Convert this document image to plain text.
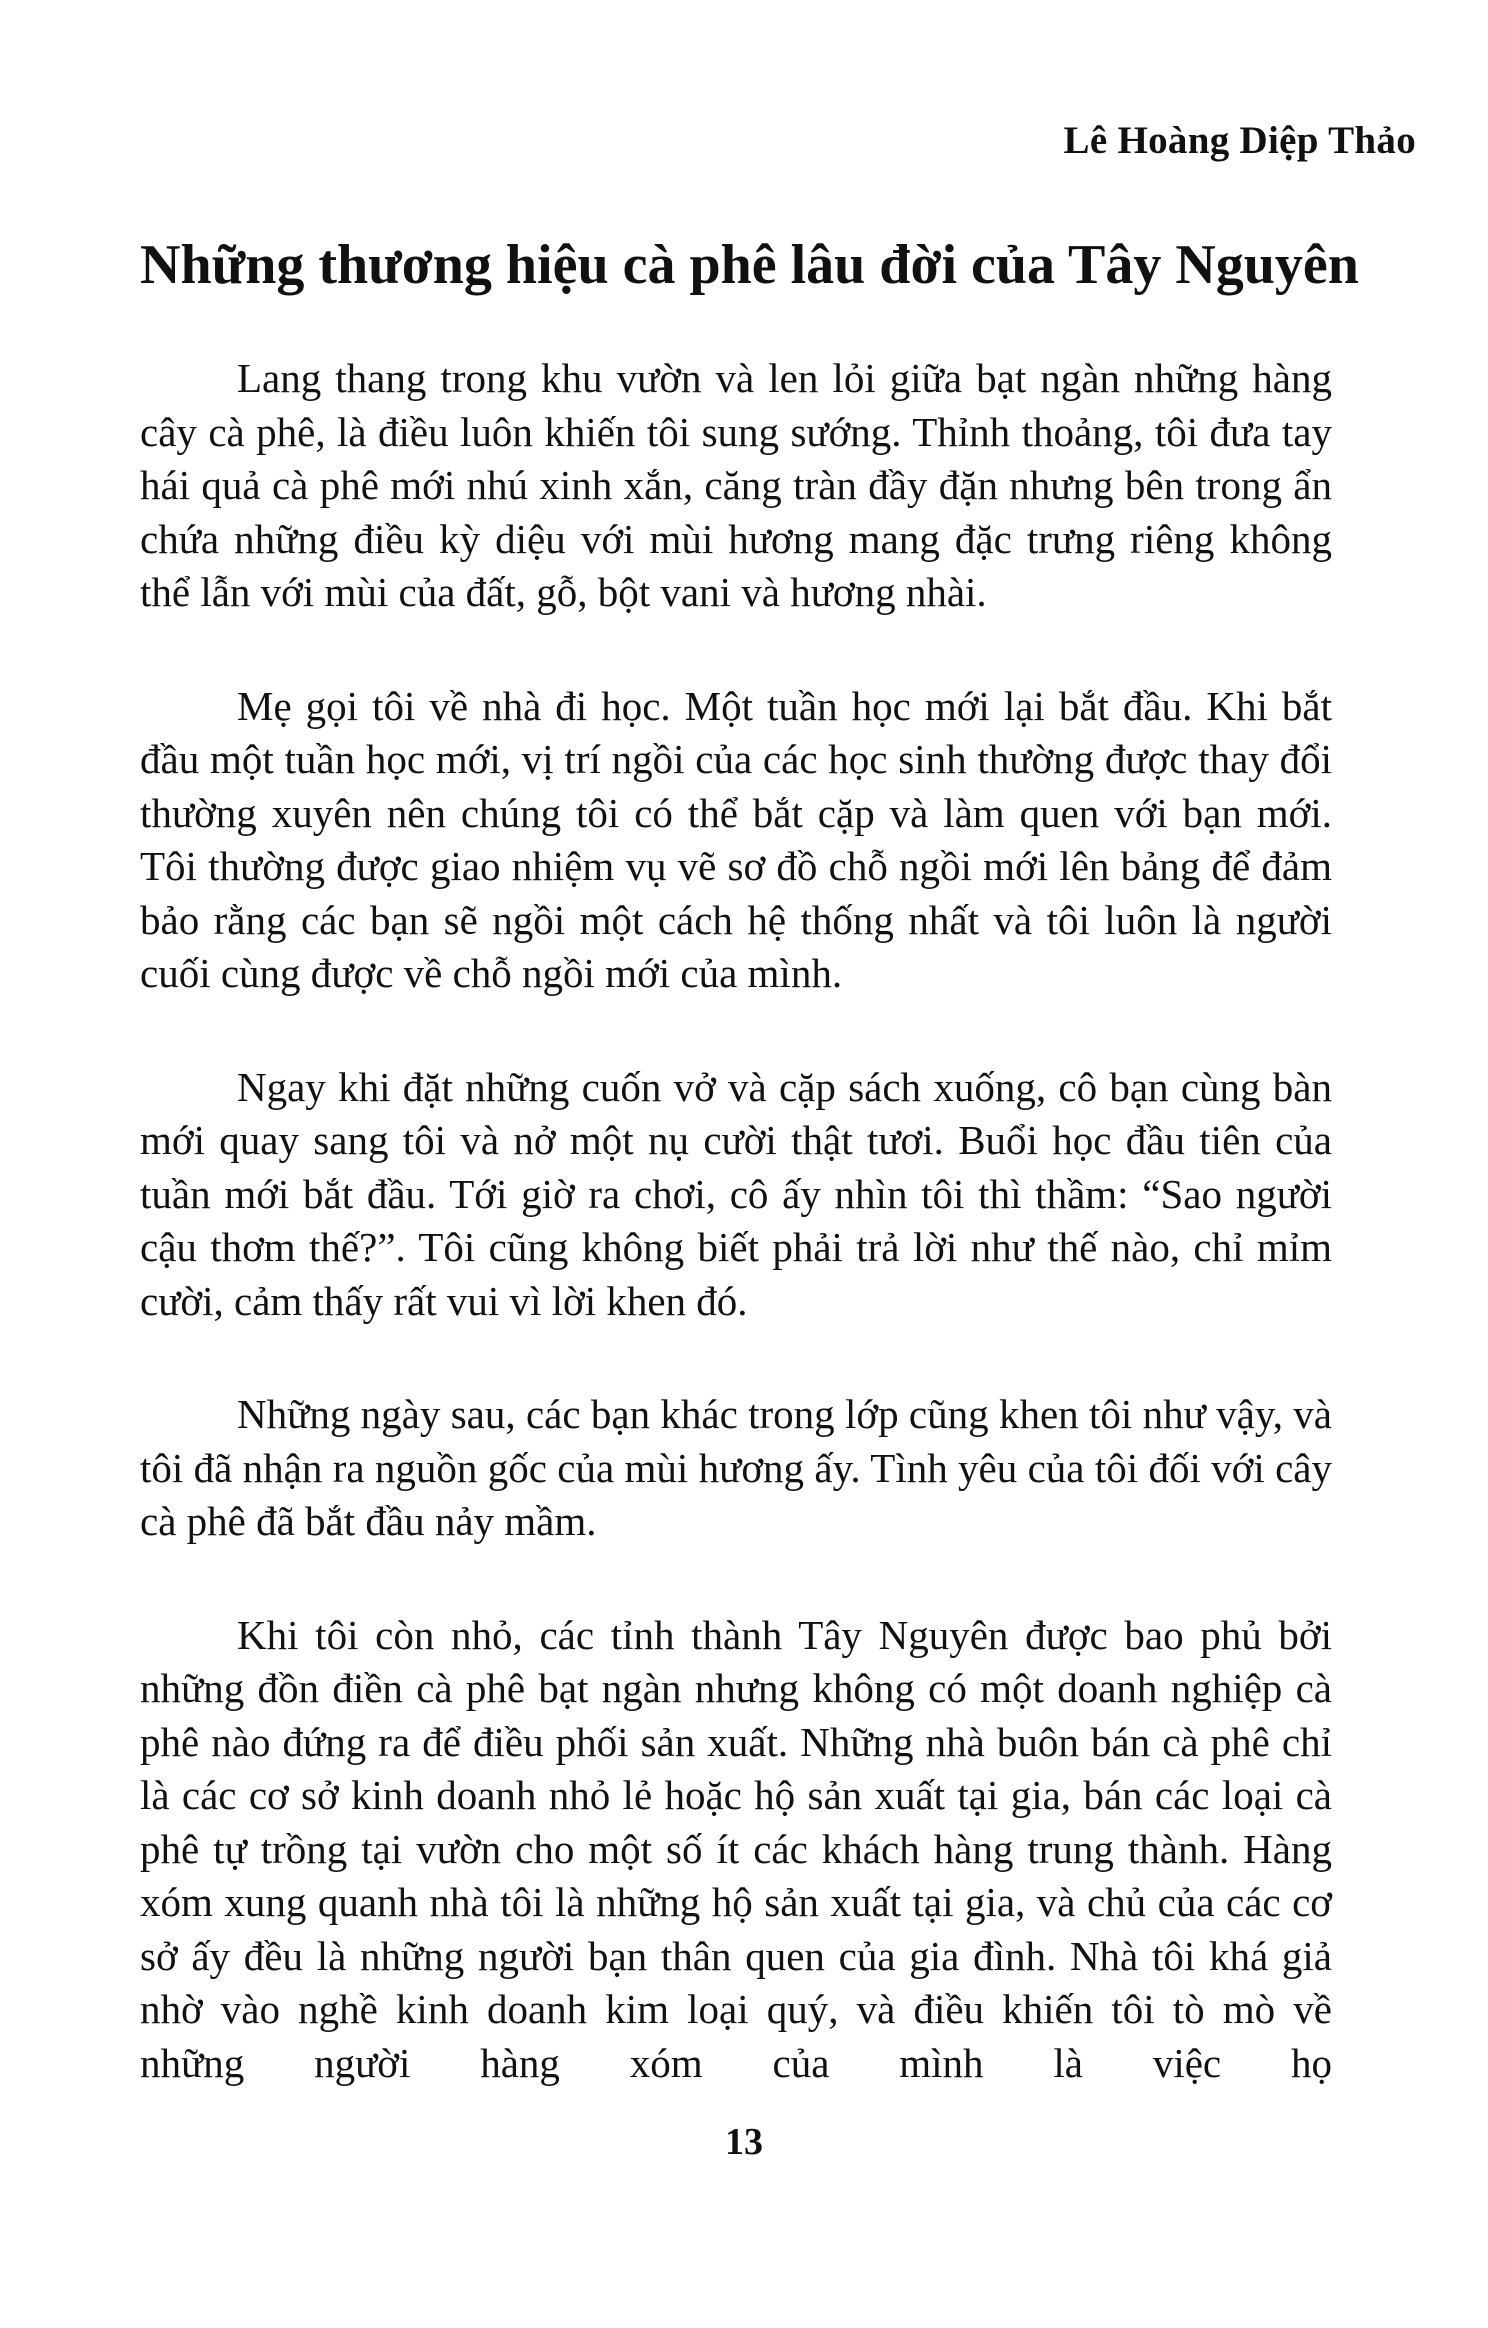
Lê Hoàng Diệp Thảo
Những thương hiệu cà phê lâu đời của Tây Nguyên

Lang thang trong khu vườn và len lỏi giữa bạt ngàn những hàng cây cà phê, là điều luôn khiến tôi sung sướng. Thỉnh thoảng, tôi đưa tay hái quả cà phê mới nhú xinh xắn, căng tràn đầy đặn nhưng bên trong ẩn chứa những điều kỳ diệu với mùi hương mang đặc trưng riêng không thể lẫn với mùi của đất, gỗ, bột vani và hương nhài.

Mẹ gọi tôi về nhà đi học. Một tuần học mới lại bắt đầu. Khi bắt đầu một tuần học mới, vị trí ngồi của các học sinh thường được thay đổi thường xuyên nên chúng tôi có thể bắt cặp và làm quen với bạn mới. Tôi thường được giao nhiệm vụ vẽ sơ đồ chỗ ngồi mới lên bảng để đảm bảo rằng các bạn sẽ ngồi một cách hệ thống nhất và tôi luôn là người cuối cùng được về chỗ ngồi mới của mình.

Ngay khi đặt những cuốn vở và cặp sách xuống, cô bạn cùng bàn mới quay sang tôi và nở một nụ cười thật tươi. Buổi học đầu tiên của tuần mới bắt đầu. Tới giờ ra chơi, cô ấy nhìn tôi thì thầm: “Sao người cậu thơm thế?”. Tôi cũng không biết phải trả lời như thế nào, chỉ mỉm cười, cảm thấy rất vui vì lời khen đó.

Những ngày sau, các bạn khác trong lớp cũng khen tôi như vậy, và tôi đã nhận ra nguồn gốc của mùi hương ấy. Tình yêu của tôi đối với cây cà phê đã bắt đầu nảy mầm.

Khi tôi còn nhỏ, các tỉnh thành Tây Nguyên được bao phủ bởi những đồn điền cà phê bạt ngàn nhưng không có một doanh nghiệp cà phê nào đứng ra để điều phối sản xuất. Những nhà buôn bán cà phê chỉ là các cơ sở kinh doanh nhỏ lẻ hoặc hộ sản xuất tại gia, bán các loại cà phê tự trồng tại vườn cho một số ít các khách hàng trung thành. Hàng xóm xung quanh nhà tôi là những hộ sản xuất tại gia, và chủ của các cơ sở ấy đều là những người bạn thân quen của gia đình. Nhà tôi khá giả nhờ vào nghề kinh doanh kim loại quý, và điều khiến tôi tò mò về những người hàng xóm của mình là việc họ

13
